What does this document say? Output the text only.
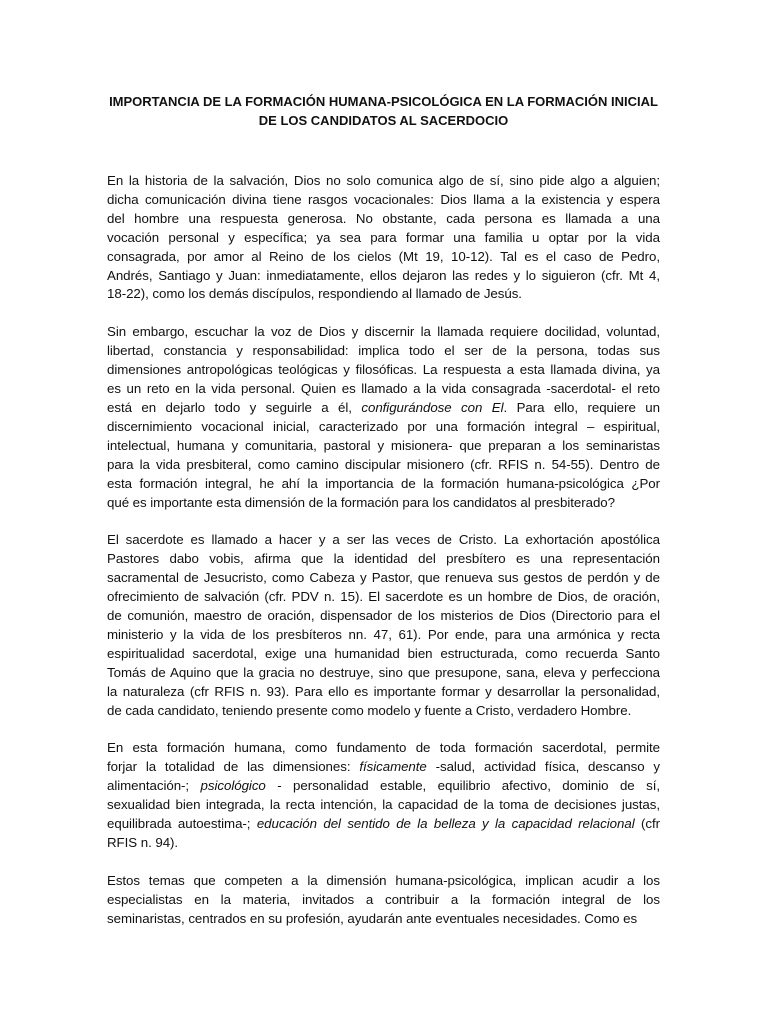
IMPORTANCIA DE LA FORMACIÓN HUMANA-PSICOLÓGICA EN LA FORMACIÓN INICIAL
DE LOS CANDIDATOS AL SACERDOCIO
En la historia de la salvación, Dios no solo comunica algo de sí, sino pide algo a alguien;
dicha comunicación divina tiene rasgos vocacionales: Dios llama a la existencia y espera
del hombre una respuesta generosa. No obstante, cada persona es llamada a una
vocación personal y específica; ya sea para formar una familia u optar por la vida
consagrada, por amor al Reino de los cielos (Mt 19, 10-12). Tal es el caso de Pedro,
Andrés, Santiago y Juan: inmediatamente, ellos dejaron las redes y lo siguieron (cfr. Mt 4,
18-22), como los demás discípulos, respondiendo al llamado de Jesús.
Sin embargo, escuchar la voz de Dios y discernir la llamada requiere docilidad, voluntad,
libertad, constancia y responsabilidad: implica todo el ser de la persona, todas sus
dimensiones antropológicas teológicas y filosóficas. La respuesta a esta llamada divina, ya
es un reto en la vida personal. Quien es llamado a la vida consagrada -sacerdotal- el reto
está en dejarlo todo y seguirle a él, configurándose con El. Para ello, requiere un
discernimiento vocacional inicial, caracterizado por una formación integral – espiritual,
intelectual, humana y comunitaria, pastoral y misionera- que preparan a los seminaristas
para la vida presbiteral, como camino discipular misionero (cfr. RFIS n. 54-55). Dentro de
esta formación integral, he ahí la importancia de la formación humana-psicológica ¿Por
qué es importante esta dimensión de la formación para los candidatos al presbiterado?
El sacerdote es llamado a hacer y a ser las veces de Cristo. La exhortación apostólica
Pastores dabo vobis, afirma que la identidad del presbítero es una representación
sacramental de Jesucristo, como Cabeza y Pastor, que renueva sus gestos de perdón y de
ofrecimiento de salvación (cfr. PDV n. 15). El sacerdote es un hombre de Dios, de oración,
de comunión, maestro de oración, dispensador de los misterios de Dios (Directorio para el
ministerio y la vida de los presbíteros nn. 47, 61). Por ende, para una armónica y recta
espiritualidad sacerdotal, exige una humanidad bien estructurada, como recuerda Santo
Tomás de Aquino que la gracia no destruye, sino que presupone, sana, eleva y perfecciona
la naturaleza (cfr RFIS n. 93). Para ello es importante formar y desarrollar la personalidad,
de cada candidato, teniendo presente como modelo y fuente a Cristo, verdadero Hombre.
En esta formación humana, como fundamento de toda formación sacerdotal, permite
forjar la totalidad de las dimensiones: físicamente -salud, actividad física, descanso y
alimentación-; psicológico - personalidad estable, equilibrio afectivo, dominio de sí,
sexualidad bien integrada, la recta intención, la capacidad de la toma de decisiones justas,
equilibrada autoestima-; educación del sentido de la belleza y la capacidad relacional (cfr
RFIS n. 94).
Estos temas que competen a la dimensión humana-psicológica, implican acudir a los
especialistas en la materia, invitados a contribuir a la formación integral de los
seminaristas, centrados en su profesión, ayudarán ante eventuales necesidades. Como es
